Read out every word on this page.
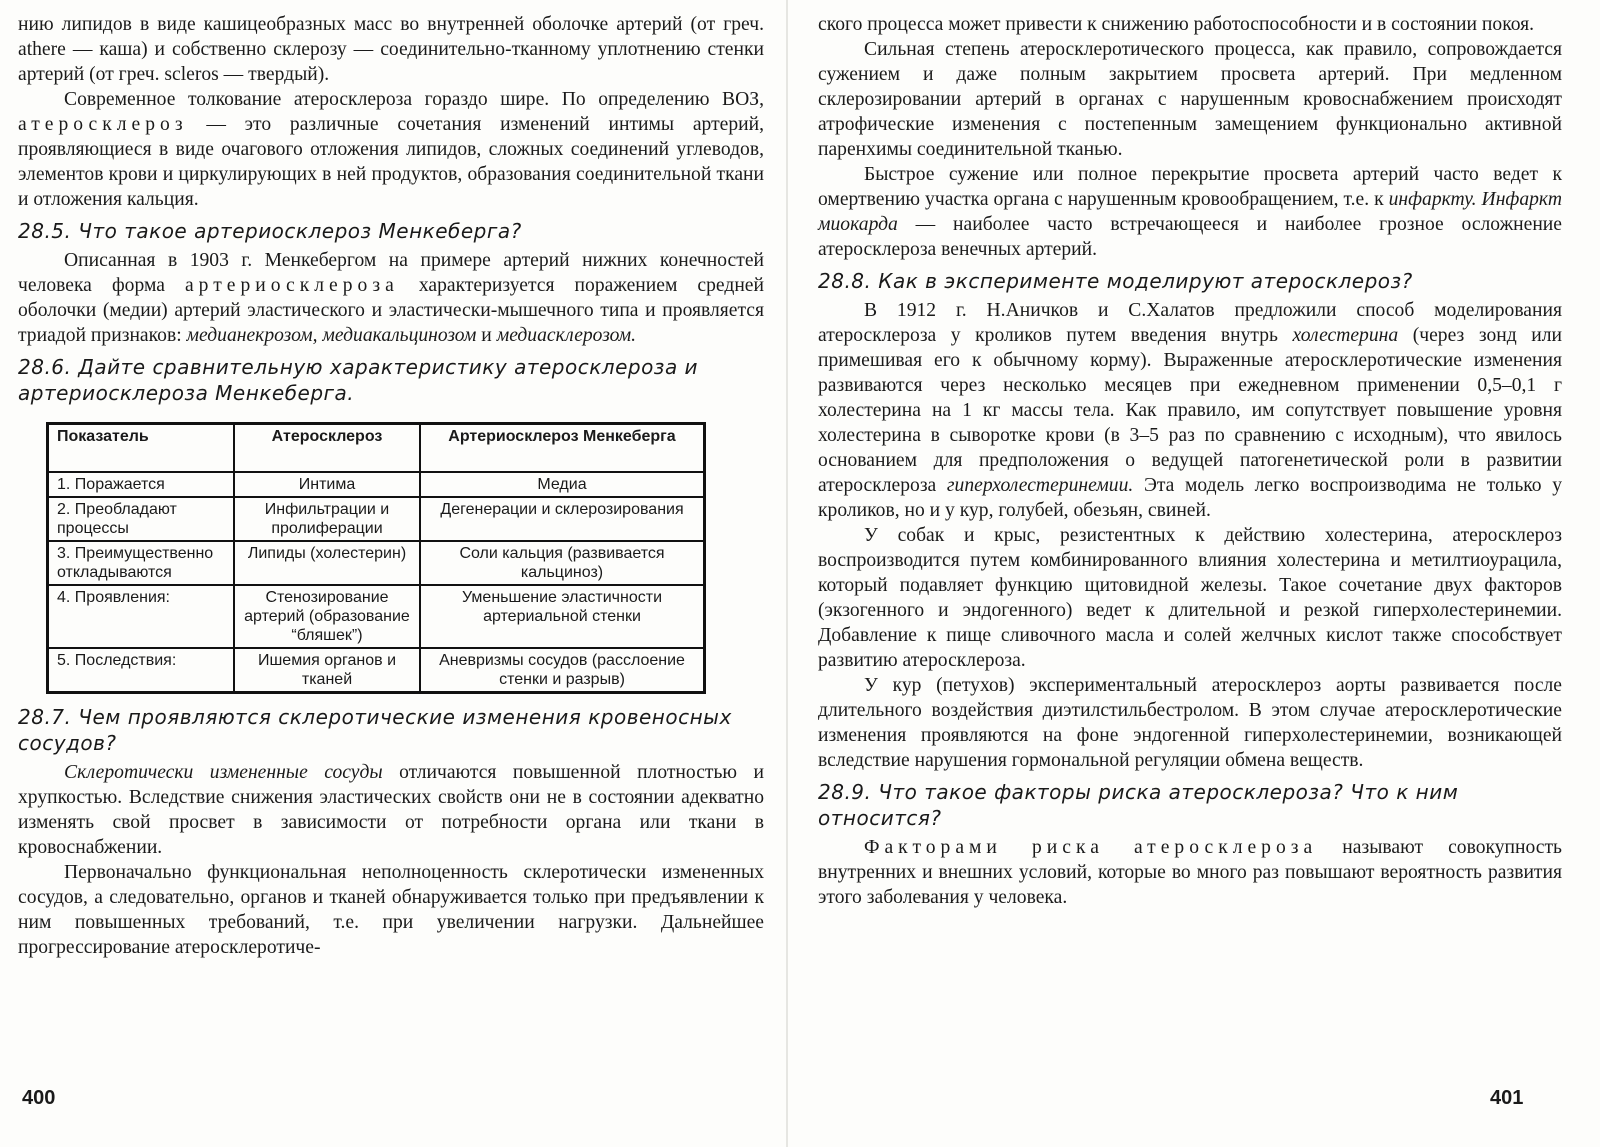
нию липидов в виде кашицеобразных масс во внутренней оболочке артерий (от греч. athere — каша) и собственно склерозу — соединительно-тканному уплотнению стенки артерий (от греч. scleros — твердый).

Современное толкование атеросклероза гораздо шире. По определению ВОЗ, атеросклероз — это различные сочетания изменений интимы артерий, проявляющиеся в виде очагового отложения липидов, сложных соединений углеводов, элементов крови и циркулирующих в ней продуктов, образования соединительной ткани и отложения кальция.

28.5. Что такое артериосклероз Менкеберга?

Описанная в 1903 г. Менкебергом на примере артерий нижних конечностей человека форма артериосклероза характеризуется поражением средней оболочки (медии) артерий эластического и эластически-мышечного типа и проявляется триадой признаков: медианекрозом, медиакальцинозом и медиасклерозом.

28.6. Дайте сравнительную характеристику атеросклероза и артериосклероза Менкеберга.
Показатель	Атеросклероз	Артериосклероз Менкеберга
1. Поражается	Интима	Медиа
2. Преобладают процессы	Инфильтрации и пролиферации	Дегенерации и склерозирования
3. Преимущественно откладываются	Липиды (холестерин)	Соли кальция (развивается кальциноз)
4. Проявления:	Стенозирование артерий (образование “бляшек”)	Уменьшение эластичности артериальной стенки
5. Последствия:	Ишемия органов и тканей	Аневризмы сосудов (расслоение стенки и разрыв)
28.7. Чем проявляются склеротические изменения кровеносных сосудов?

Склеротически измененные сосуды отличаются повышенной плотностью и хрупкостью. Вследствие снижения эластических свойств они не в состоянии адекватно изменять свой просвет в зависимости от потребности органа или ткани в кровоснабжении.

Первоначально функциональная неполноценность склеротически измененных сосудов, а следовательно, органов и тканей обнаруживается только при предъявлении к ним повышенных требований, т.е. при увеличении нагрузки. Дальнейшее прогрессирование атеросклеротиче-

400

ского процесса может привести к снижению работоспособности и в состоянии покоя.

Сильная степень атеросклеротического процесса, как правило, сопровождается сужением и даже полным закрытием просвета артерий. При медленном склерозировании артерий в органах с нарушенным кровоснабжением происходят атрофические изменения с постепенным замещением функционально активной паренхимы соединительной тканью.

Быстрое сужение или полное перекрытие просвета артерий часто ведет к омертвению участка органа с нарушенным кровообращением, т.е. к инфаркту. Инфаркт миокарда — наиболее часто встречающееся и наиболее грозное осложнение атеросклероза венечных артерий.

28.8. Как в эксперименте моделируют атеросклероз?

В 1912 г. Н.Аничков и С.Халатов предложили способ моделирования атеросклероза у кроликов путем введения внутрь холестерина (через зонд или примешивая его к обычному корму). Выраженные атеросклеротические изменения развиваются через несколько месяцев при ежедневном применении 0,5–0,1 г холестерина на 1 кг массы тела. Как правило, им сопутствует повышение уровня холестерина в сыворотке крови (в 3–5 раз по сравнению с исходным), что явилось основанием для предположения о ведущей патогенетической роли в развитии атеросклероза гиперхолестеринемии. Эта модель легко воспроизводима не только у кроликов, но и у кур, голубей, обезьян, свиней.

У собак и крыс, резистентных к действию холестерина, атеросклероз воспроизводится путем комбинированного влияния холестерина и метилтиоурацила, который подавляет функцию щитовидной железы. Такое сочетание двух факторов (экзогенного и эндогенного) ведет к длительной и резкой гиперхолестеринемии. Добавление к пище сливочного масла и солей желчных кислот также способствует развитию атеросклероза.

У кур (петухов) экспериментальный атеросклероз аорты развивается после длительного воздействия диэтилстильбестролом. В этом случае атеросклеротические изменения проявляются на фоне эндогенной гиперхолестеринемии, возникающей вследствие нарушения гормональной регуляции обмена веществ.

28.9. Что такое факторы риска атеросклероза? Что к ним относится?

Факторами риска атеросклероза называют совокупность внутренних и внешних условий, которые во много раз повышают вероятность развития этого заболевания у человека.

401
